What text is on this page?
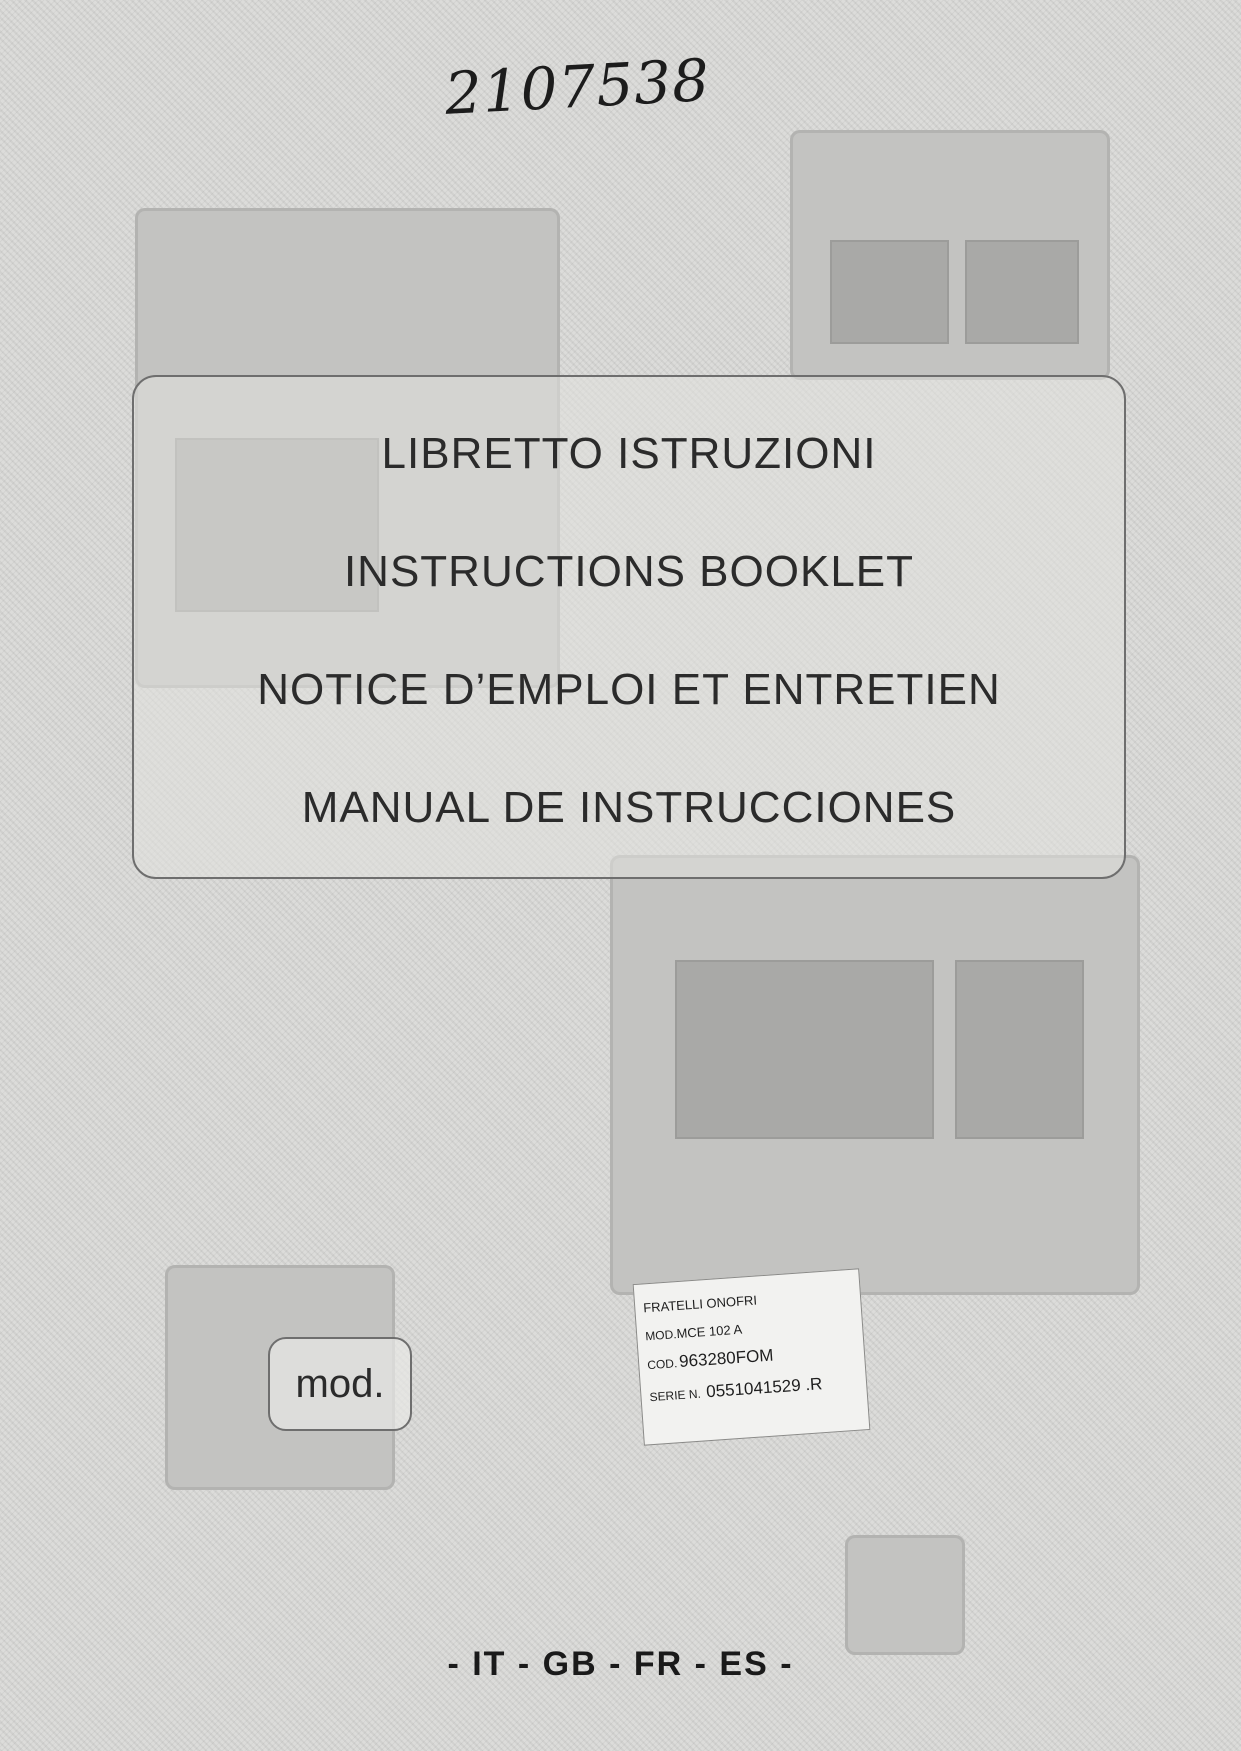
2107538
LIBRETTO ISTRUZIONI
INSTRUCTIONS BOOKLET
NOTICE D’EMPLOI ET ENTRETIEN
MANUAL DE INSTRUCCIONES
mod.
FRATELLI ONOFRI
MOD.MCE 102 A
COD.963280FOM
SERIE N. 0551041529 .R
- IT - GB - FR - ES -
